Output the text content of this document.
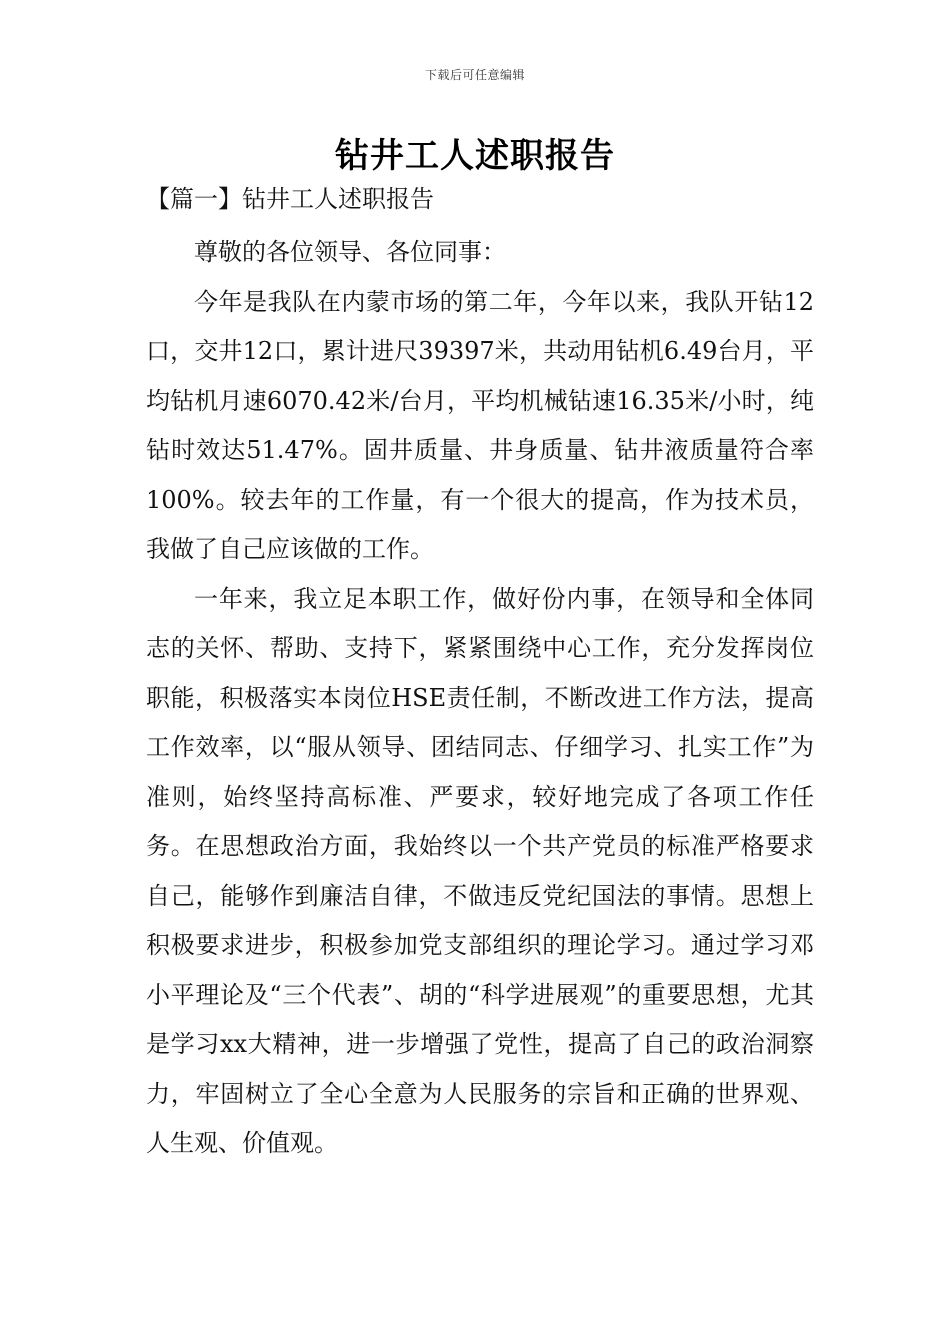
下载后可任意编辑
钻井工人述职报告
【篇一】钻井工人述职报告

尊敬的各位领导、各位同事：

今年是我队在内蒙市场的第二年，今年以来，我队开钻12口，交井12口，累计进尺39397米，共动用钻机6.49台月，平均钻机月速6070.42米/台月，平均机械钻速16.35米/小时，纯钻时效达51.47%。固井质量、井身质量、钻井液质量符合率100%。较去年的工作量，有一个很大的提高，作为技术员，我做了自己应该做的工作。

一年来，我立足本职工作，做好份内事，在领导和全体同志的关怀、帮助、支持下，紧紧围绕中心工作，充分发挥岗位职能，积极落实本岗位HSE责任制，不断改进工作方法，提高工作效率，以“服从领导、团结同志、仔细学习、扎实工作”为准则，始终坚持高标准、严要求，较好地完成了各项工作任务。在思想政治方面，我始终以一个共产党员的标准严格要求自己，能够作到廉洁自律，不做违反党纪国法的事情。思想上积极要求进步，积极参加党支部组织的理论学习。通过学习邓小平理论及“三个代表”、胡的“科学进展观”的重要思想，尤其是学习xx大精神，进一步增强了党性，提高了自己的政治洞察力，牢固树立了全心全意为人民服务的宗旨和正确的世界观、人生观、价值观。
